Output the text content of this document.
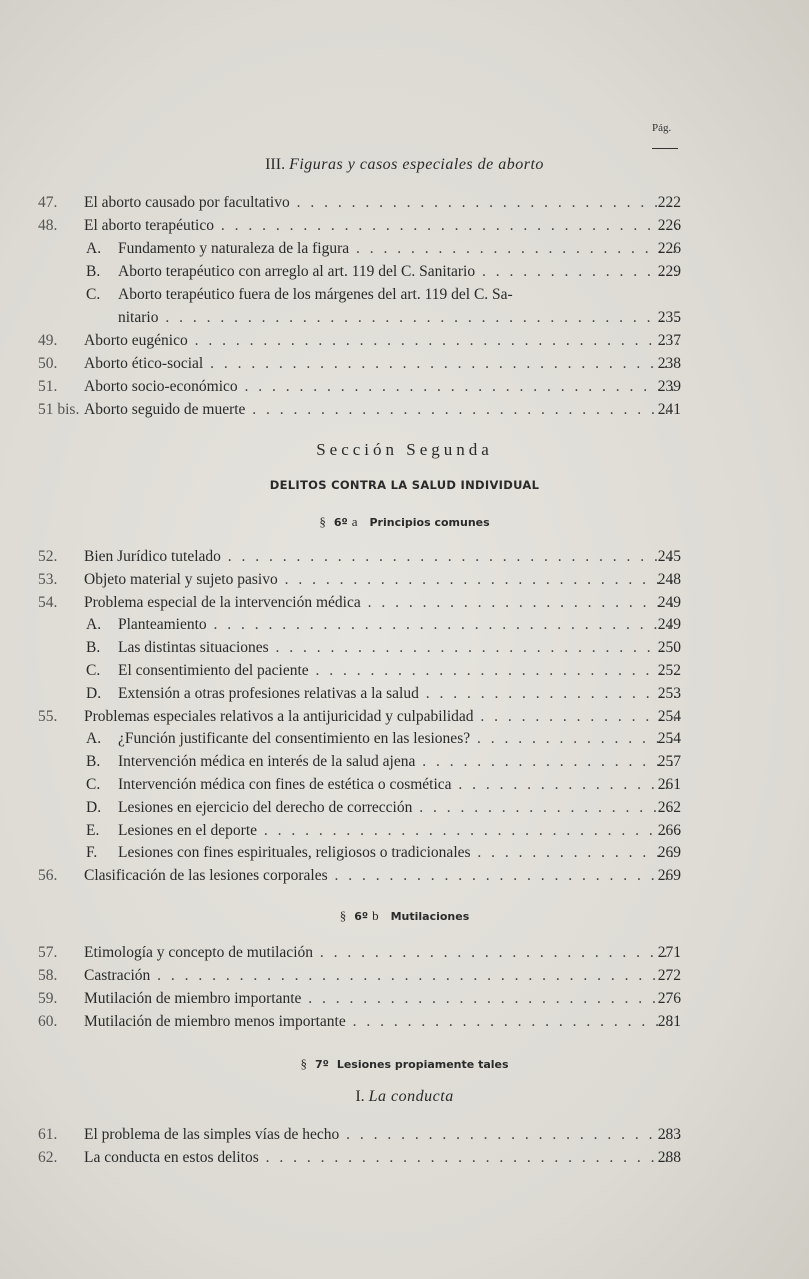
Pág.
III. Figuras y casos especiales de aborto
47. El aborto causado por facultativo . . .	222
48. El aborto terapéutico . . .	226
A. Fundamento y naturaleza de la figura . . .	226
B. Aborto terapéutico con arreglo al art. 119 del C. Sanitario . . .	229
C. Aborto terapéutico fuera de los márgenes del art. 119 del C. Sa-
nitario . . .	235
49. Aborto eugénico . . .	237
50. Aborto ético-social . . .	238
51. Aborto socio-económico . . .	239
51 bis. Aborto seguido de muerte . . .	241
Sección Segunda
DELITOS CONTRA LA SALUD INDIVIDUAL
§ 6º a Principios comunes
52. Bien Jurídico tutelado . . .	245
53. Objeto material y sujeto pasivo . . .	248
54. Problema especial de la intervención médica . . .	249
A. Planteamiento . . .	249
B. Las distintas situaciones . . .	250
C. El consentimiento del paciente . . .	252
D. Extensión a otras profesiones relativas a la salud . . .	253
55. Problemas especiales relativos a la antijuricidad y culpabilidad . . .	254
A. ¿Función justificante del consentimiento en las lesiones? . . .	254
B. Intervención médica en interés de la salud ajena . . .	257
C. Intervención médica con fines de estética o cosmética . . .	261
D. Lesiones en ejercicio del derecho de corrección . . .	262
E. Lesiones en el deporte . . .	266
F. Lesiones con fines espirituales, religiosos o tradicionales . . .	269
56. Clasificación de las lesiones corporales . . .	269
§ 6º b Mutilaciones
57. Etimología y concepto de mutilación . . .	271
58. Castración . . .	272
59. Mutilación de miembro importante . . .	276
60. Mutilación de miembro menos importante . . .	281
§ 7º Lesiones propiamente tales
I. La conducta
61. El problema de las simples vías de hecho . . .	283
62. La conducta en estos delitos . . .	288
